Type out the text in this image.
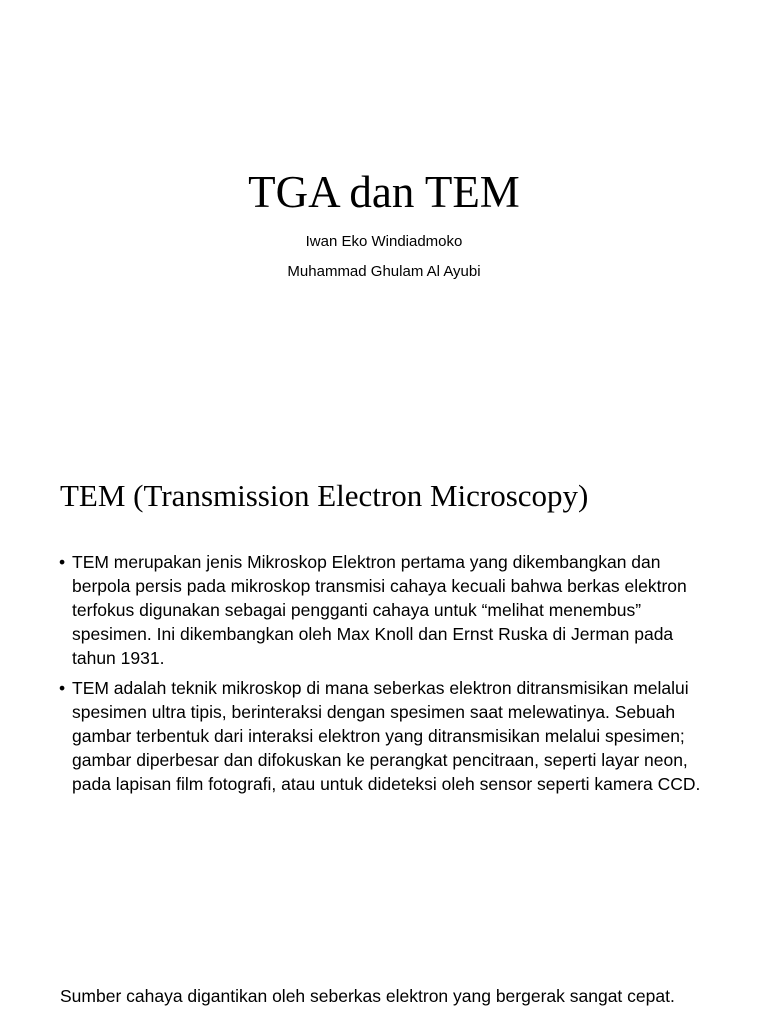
TGA dan TEM
Iwan Eko Windiadmoko
Muhammad Ghulam Al Ayubi
TEM (Transmission Electron Microscopy)
• TEM merupakan jenis Mikroskop Elektron pertama yang dikembangkan dan berpola persis pada mikroskop transmisi cahaya kecuali bahwa berkas elektron terfokus digunakan sebagai pengganti cahaya untuk “melihat menembus” spesimen. Ini dikembangkan oleh Max Knoll dan Ernst Ruska di Jerman pada tahun 1931.
• TEM adalah teknik mikroskop di mana seberkas elektron ditransmisikan melalui spesimen ultra tipis, berinteraksi dengan spesimen saat melewatinya. Sebuah gambar terbentuk dari interaksi elektron yang ditransmisikan melalui spesimen; gambar diperbesar dan difokuskan ke perangkat pencitraan, seperti layar neon, pada lapisan film fotografi, atau untuk dideteksi oleh sensor seperti kamera CCD.

Sumber cahaya digantikan oleh seberkas elektron yang bergerak sangat cepat.
